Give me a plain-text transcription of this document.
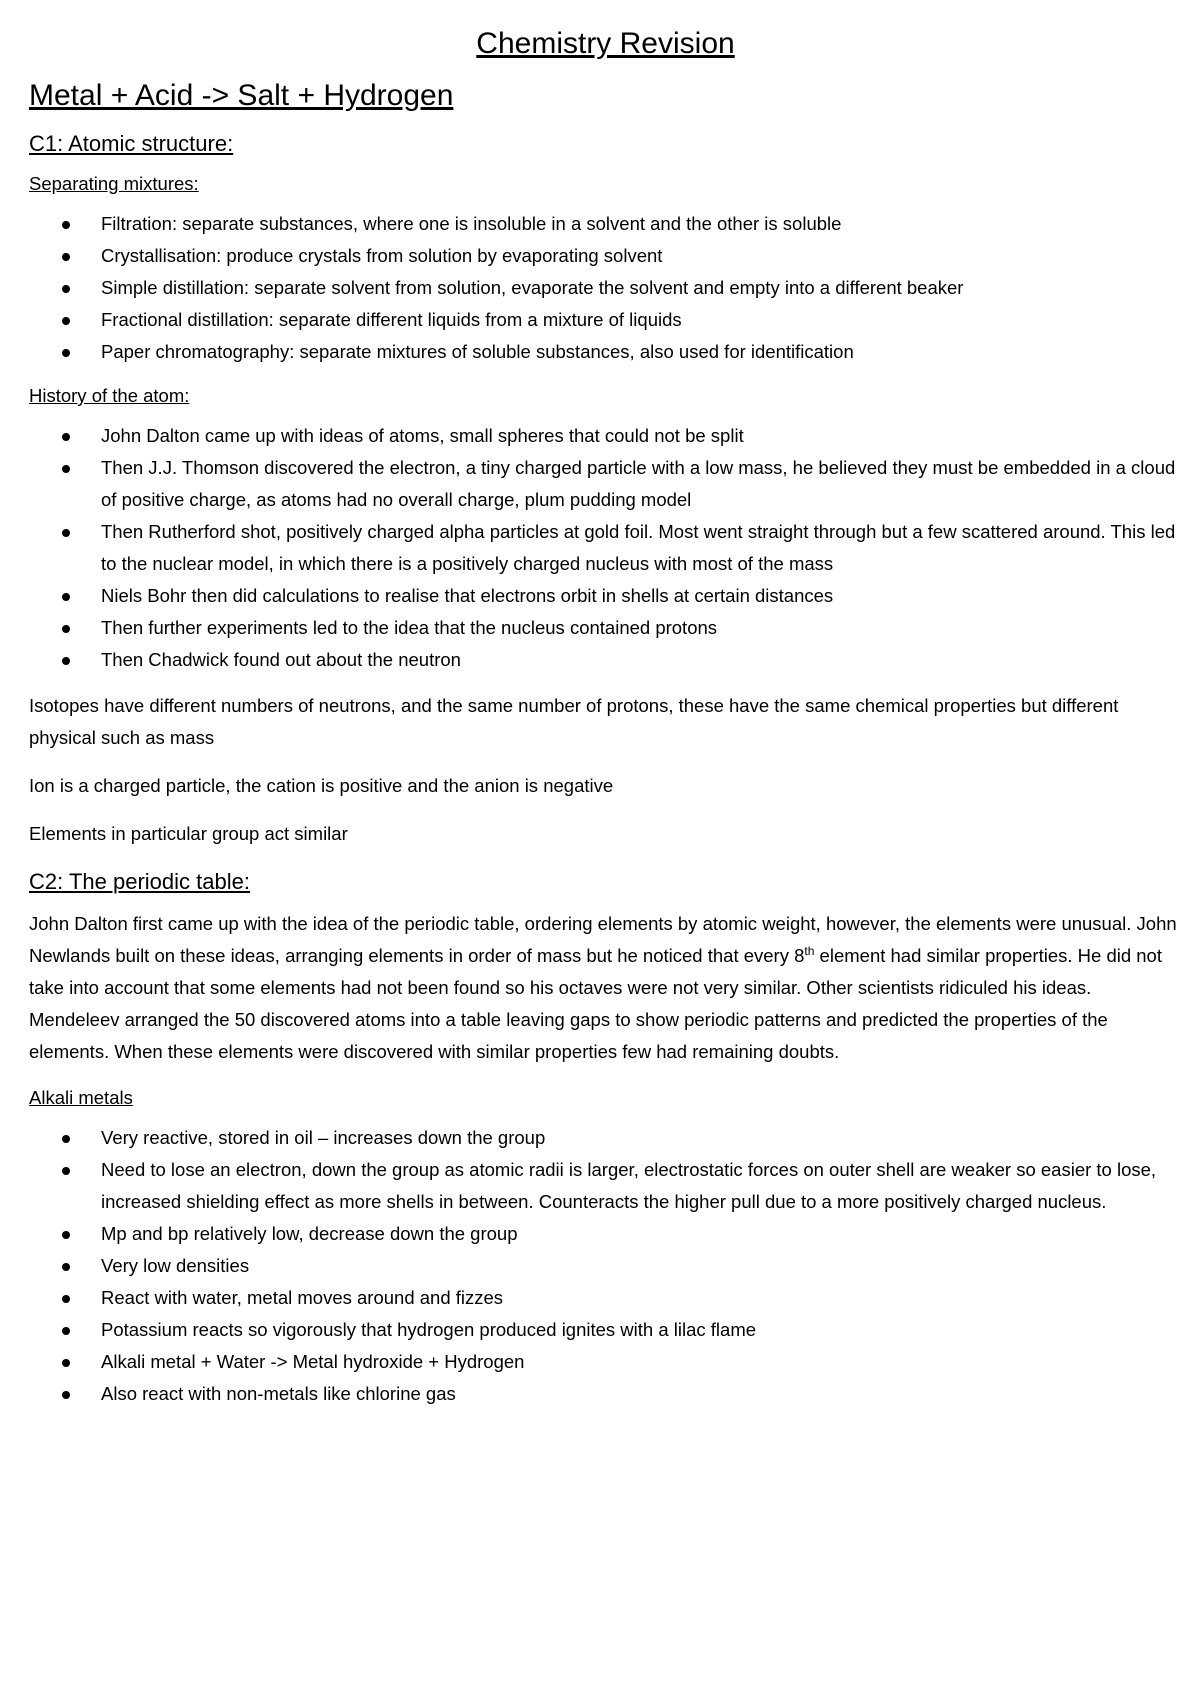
Chemistry Revision
Metal + Acid -> Salt + Hydrogen
C1: Atomic structure:
Separating mixtures:
Filtration: separate substances, where one is insoluble in a solvent and the other is soluble
Crystallisation: produce crystals from solution by evaporating solvent
Simple distillation: separate solvent from solution, evaporate the solvent and empty into a different beaker
Fractional distillation: separate different liquids from a mixture of liquids
Paper chromatography: separate mixtures of soluble substances, also used for identification
History of the atom:
John Dalton came up with ideas of atoms, small spheres that could not be split
Then J.J. Thomson discovered the electron, a tiny charged particle with a low mass, he believed they must be embedded in a cloud of positive charge, as atoms had no overall charge, plum pudding model
Then Rutherford shot, positively charged alpha particles at gold foil. Most went straight through but a few scattered around. This led to the nuclear model, in which there is a positively charged nucleus with most of the mass
Niels Bohr then did calculations to realise that electrons orbit in shells at certain distances
Then further experiments led to the idea that the nucleus contained protons
Then Chadwick found out about the neutron

Isotopes have different numbers of neutrons, and the same number of protons, these have the same chemical properties but different physical such as mass

Ion is a charged particle, the cation is positive and the anion is negative

Elements in particular group act similar

C2: The periodic table:

John Dalton first came up with the idea of the periodic table, ordering elements by atomic weight, however, the elements were unusual. John Newlands built on these ideas, arranging elements in order of mass but he noticed that every 8th element had similar properties. He did not take into account that some elements had not been found so his octaves were not very similar. Other scientists ridiculed his ideas. Mendeleev arranged the 50 discovered atoms into a table leaving gaps to show periodic patterns and predicted the properties of the elements. When these elements were discovered with similar properties few had remaining doubts.

Alkali metals
Very reactive, stored in oil – increases down the group
Need to lose an electron, down the group as atomic radii is larger, electrostatic forces on outer shell are weaker so easier to lose, increased shielding effect as more shells in between. Counteracts the higher pull due to a more positively charged nucleus.
Mp and bp relatively low, decrease down the group
Very low densities
React with water, metal moves around and fizzes
Potassium reacts so vigorously that hydrogen produced ignites with a lilac flame
Alkali metal + Water -> Metal hydroxide + Hydrogen
Also react with non-metals like chlorine gas
